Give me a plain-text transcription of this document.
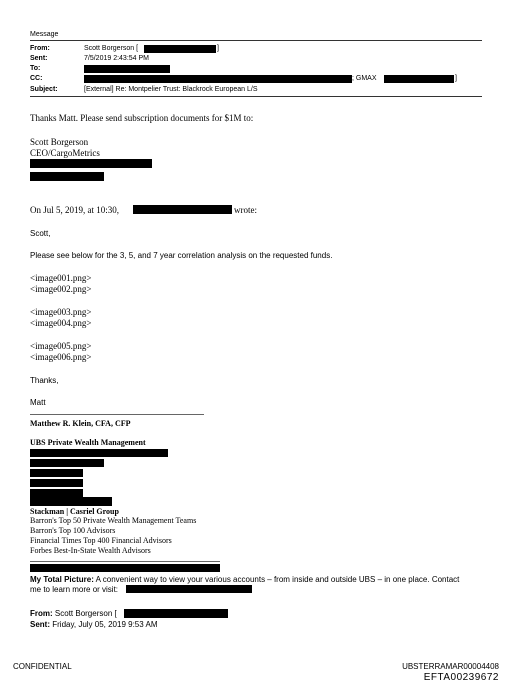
Message
From:	Scott Borgerson [	]
Sent:	7/5/2019 2:43:54 PM
To:
CC:	; GMAX	]
Subject:	[External] Re: Montpelier Trust: Blackrock European L/S
Thanks Matt. Please send subscription documents for $1M to:
Scott Borgerson
CEO/CargoMetrics
On Jul 5, 2019, at 10:30,	wrote:
Scott,
Please see below for the 3, 5, and 7 year correlation analysis on the requested funds.
<image001.png>
<image002.png>
<image003.png>
<image004.png>
<image005.png>
<image006.png>
Thanks,
Matt
Matthew R. Klein, CFA, CFP
UBS Private Wealth Management
Stackman | Casriel Group
Barron's Top 50 Private Wealth Management Teams
Barron's Top 100 Advisors
Financial Times Top 400 Financial Advisors
Forbes Best-In-State Wealth Advisors
My Total Picture: A convenient way to view your various accounts – from inside and outside UBS – in one place. Contact
me to learn more or visit:
From: Scott Borgerson [
Sent: Friday, July 05, 2019 9:53 AM
CONFIDENTIAL	UBSTERRAMAR00004408
EFTA00239672
